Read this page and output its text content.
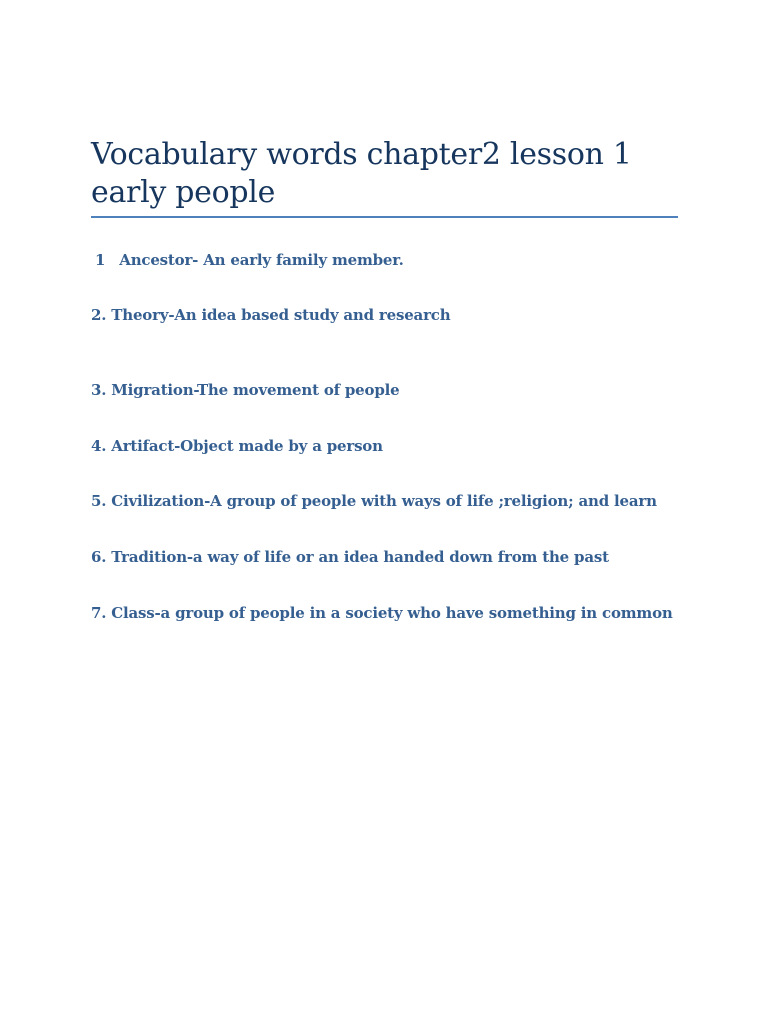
Vocabulary words chapter2 lesson 1
early people
1 Ancestor- An early family member.
2. Theory-An idea based study and research
3. Migration-The movement of people
4. Artifact-Object made by a person
5. Civilization-A group of people with ways of life ;religion; and learn
6. Tradition-a way of life or an idea handed down from the past
7. Class-a group of people in a society who have something in common
